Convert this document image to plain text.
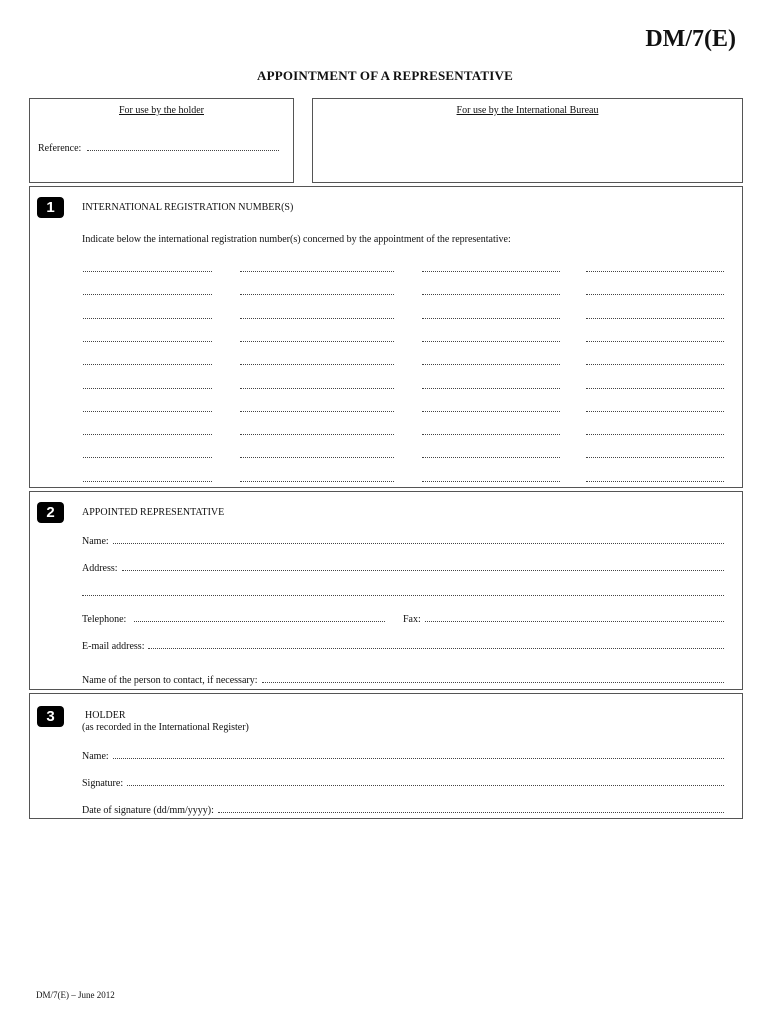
DM/7(E)
APPOINTMENT OF A REPRESENTATIVE
For use by the holder
Reference:
For use by the International Bureau
1	INTERNATIONAL REGISTRATION NUMBER(S)
Indicate below the international registration number(s) concerned by the appointment of the representative:
2	APPOINTED REPRESENTATIVE
Name:
Address:
Telephone:	Fax:
E-mail address:
Name of the person to contact, if necessary:
3	HOLDER
(as recorded in the International Register)
Name:
Signature:
Date of signature (dd/mm/yyyy):
DM/7(E) – June 2012
